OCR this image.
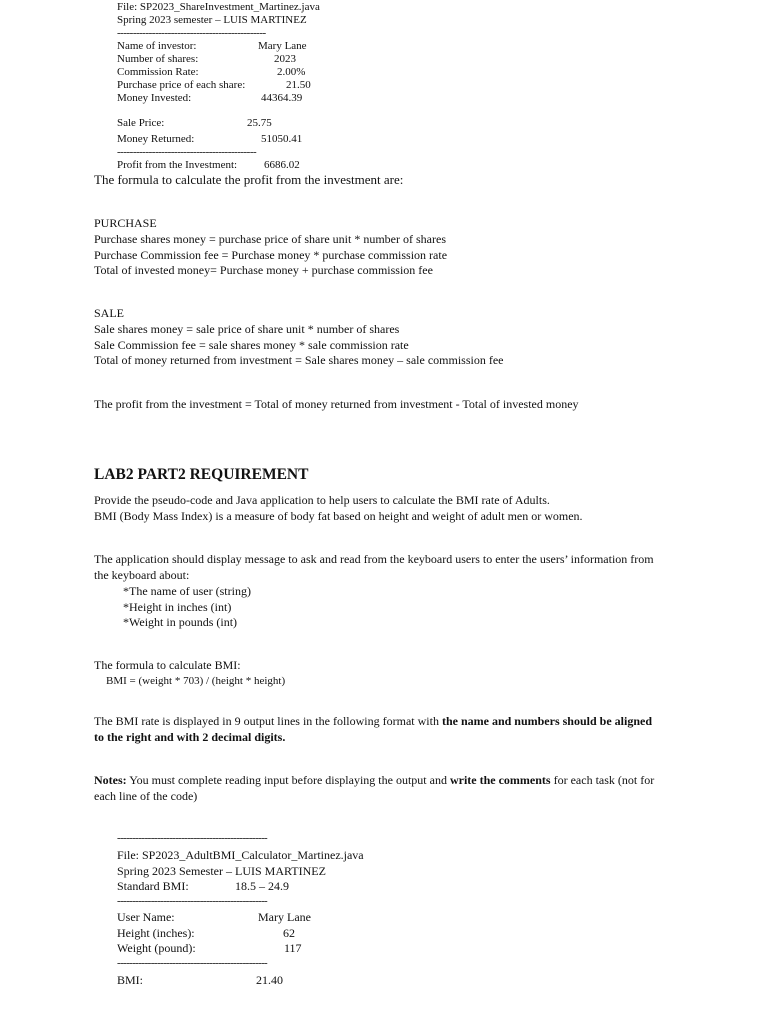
File: SP2023_ShareInvestment_Martinez.java
Spring 2023 semester – LUIS MARTINEZ
-----------------------------------------------
Name of investor:	Mary Lane
Number of shares:	2023
Commission Rate:	2.00%
Purchase price of each share:	21.50
Money Invested:	44364.39
Sale Price:	25.75
Money Returned:	51050.41
--------------------------------------------
Profit from the Investment: 6686.02
The formula to calculate the profit from the investment are:
PURCHASE
Purchase shares money = purchase price of share unit * number of shares
Purchase Commission fee = Purchase money * purchase commission rate
Total of invested money= Purchase money + purchase commission fee
SALE
Sale shares money = sale price of share unit * number of shares
Sale Commission fee = sale shares money * sale commission rate
Total of money returned from investment = Sale shares money – sale commission fee
The profit from the investment = Total of money returned from investment - Total of invested money
LAB2 PART2 REQUIREMENT
Provide the pseudo-code and Java application to help users to calculate the BMI rate of Adults.
BMI (Body Mass Index) is a measure of body fat based on height and weight of adult men or women.
The application should display message to ask and read from the keyboard users to enter the users’ information from
the keyboard about:
*The name of user (string)
*Height in inches (int)
*Weight in pounds (int)
The formula to calculate BMI:
BMI = (weight * 703) / (height * height)
The BMI rate is displayed in 9 output lines in the following format with the name and numbers should be aligned
to the right and with 2 decimal digits.
Notes: You must complete reading input before displaying the output and write the comments for each task (not for
each line of the code)
-------------------------------------------------
File: SP2023_AdultBMI_Calculator_Martinez.java
Spring 2023 Semester – LUIS MARTINEZ
Standard BMI:	18.5 – 24.9
-------------------------------------------------
User Name:	Mary Lane
Height (inches):	62
Weight (pound):	117
-------------------------------------------------
BMI:	21.40
